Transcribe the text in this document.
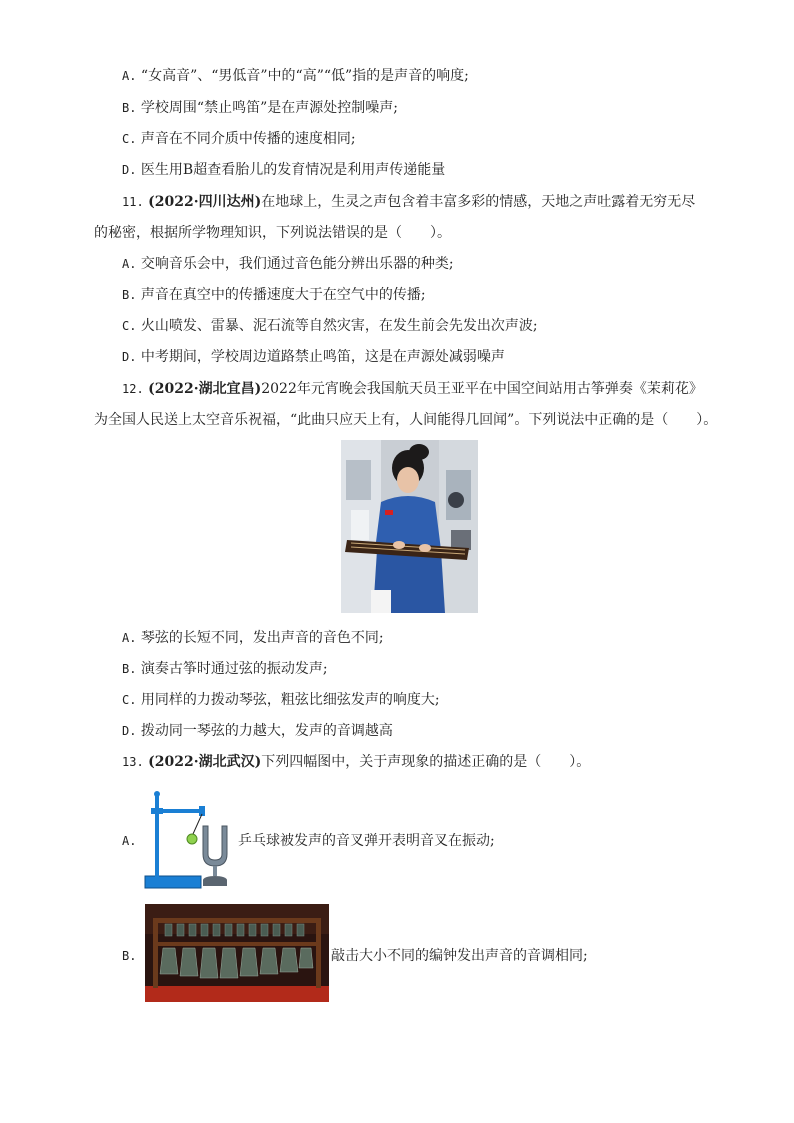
A. “女高音”、“男低音”中的“高”“低”指的是声音的响度;
B. 学校周围“禁止鸣笛”是在声源处控制噪声;
C. 声音在不同介质中传播的速度相同;
D. 医生用B超查看胎儿的发育情况是利用声传递能量
11. (2022·四川达州)在地球上，生灵之声包含着丰富多彩的情感，天地之声吐露着无穷无尽
的秘密，根据所学物理知识，下列说法错误的是（　　）。
A. 交响音乐会中，我们通过音色能分辨出乐器的种类;
B. 声音在真空中的传播速度大于在空气中的传播;
C. 火山喷发、雷暴、泥石流等自然灾害，在发生前会先发出次声波;
D. 中考期间，学校周边道路禁止鸣笛，这是在声源处减弱噪声
12. (2022·湖北宜昌)2022年元宵晚会我国航天员王亚平在中国空间站用古筝弹奏《茉莉花》
为全国人民送上太空音乐祝福，“此曲只应天上有，人间能得几回闻”。下列说法中正确的是（　　）。
A. 琴弦的长短不同，发出声音的音色不同;
B. 演奏古筝时通过弦的振动发声;
C. 用同样的力拨动琴弦，粗弦比细弦发声的响度大;
D. 拨动同一琴弦的力越大，发声的音调越高
13. (2022·湖北武汉)下列四幅图中，关于声现象的描述正确的是（　　）。
A.	乒乓球被发声的音叉弹开表明音叉在振动;
B.	敲击大小不同的编钟发出声音的音调相同;
